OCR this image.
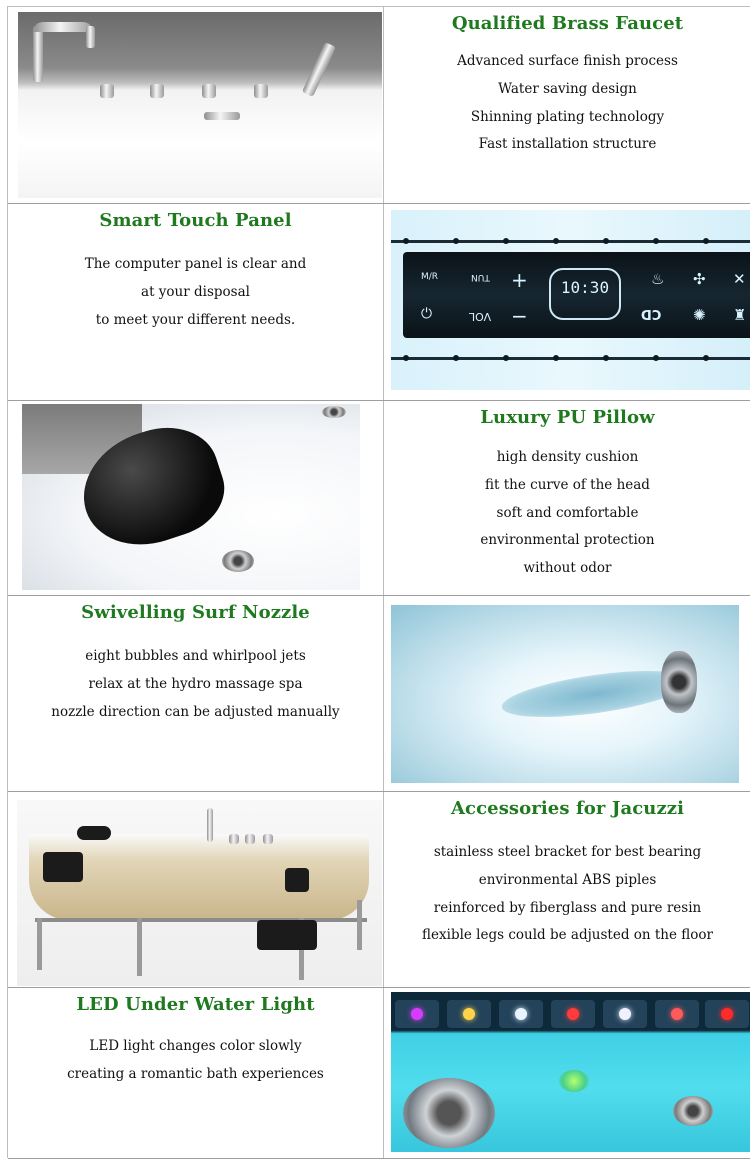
Qualified Brass Faucet
Advanced surface finish process
Water saving design
Shinning plating technology
Fast installation structure
Smart Touch Panel
The computer panel is clear and
at your disposal
to meet your different needs.
M/R	TUN
VOL
⏻
+
−
10:30	♨
CD
✣
✺
✕
♜
Luxury PU Pillow
high density cushion
fit the curve of the head
soft and comfortable
environmental protection
without odor
Swivelling Surf Nozzle
eight bubbles and whirlpool jets
relax at the hydro massage spa
nozzle direction can be adjusted manually
Accessories for Jacuzzi
stainless steel bracket for best bearing
environmental ABS piples
reinforced by fiberglass and pure resin
flexible legs could be adjusted on the floor
LED Under Water Light
LED light changes color slowly
creating a romantic bath experiences
